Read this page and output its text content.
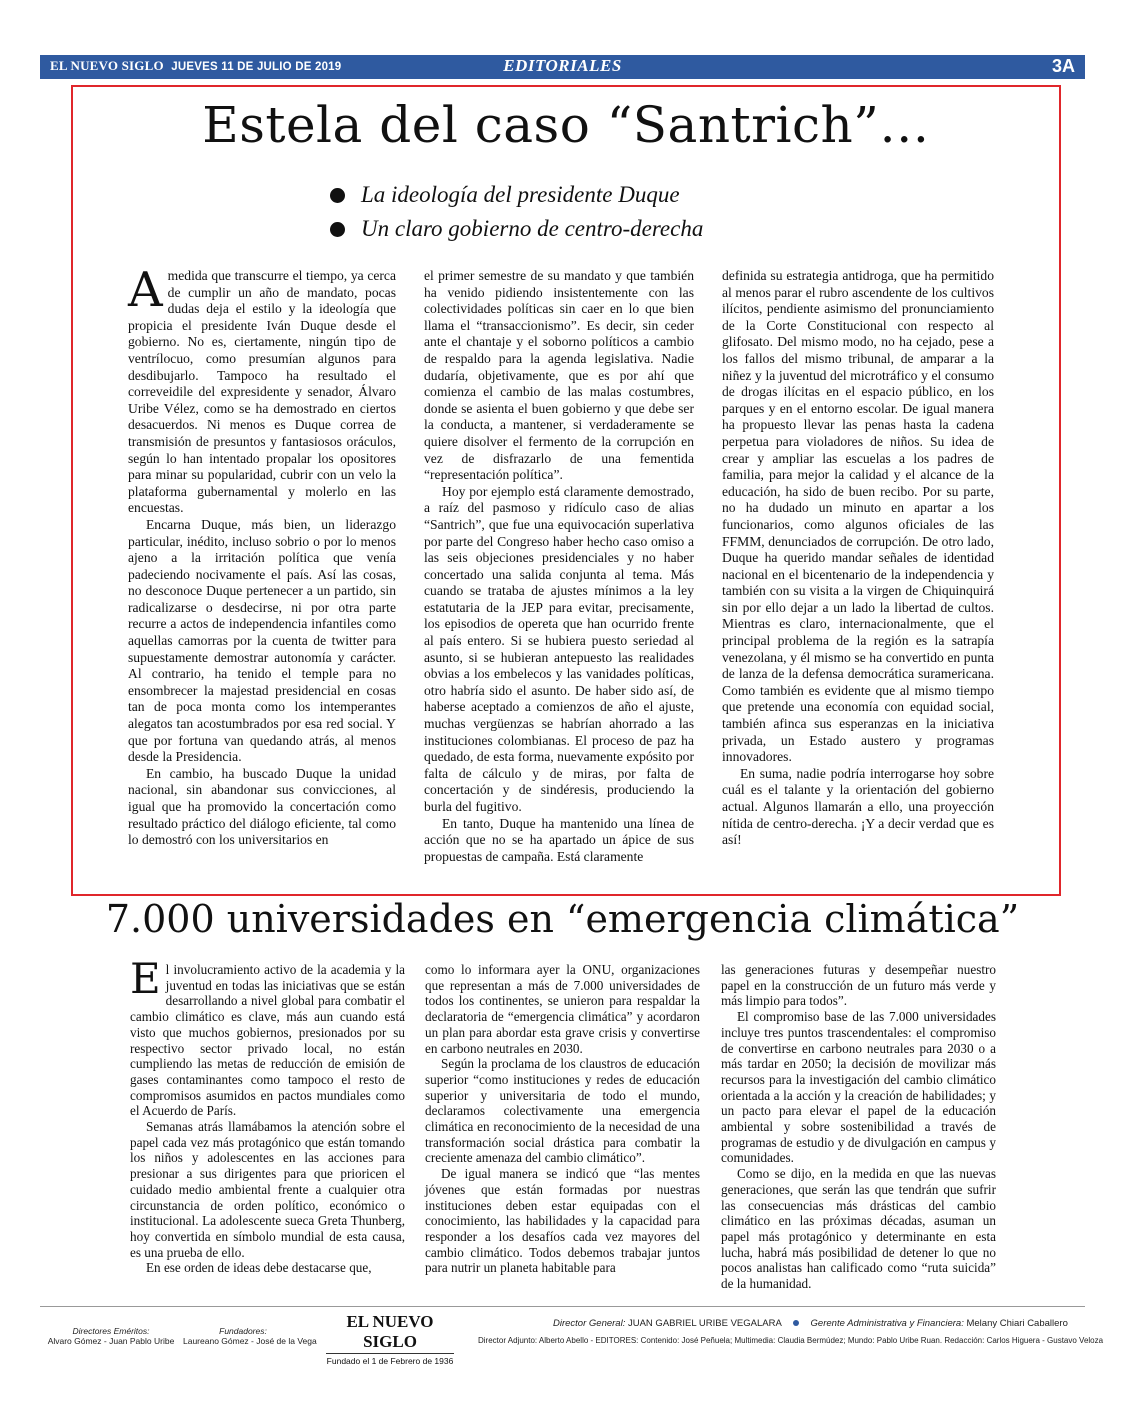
EL NUEVO SIGLO JUEVES 11 DE JULIO DE 2019	EDITORIALES	3A
Estela del caso “Santrich”…
La ideología del presidente Duque
Un claro gobierno de centro-derecha

Amedida que transcurre el tiempo, ya cerca de cumplir un año de mandato, pocas dudas deja el estilo y la ideología que propicia el presidente Iván Duque desde el gobierno. No es, ciertamente, ningún tipo de ventrílocuo, como presumían algunos para desdibujarlo. Tampoco ha resultado el correveidile del expresidente y senador, Álvaro Uribe Vélez, como se ha demostrado en ciertos desacuerdos. Ni menos es Duque correa de transmisión de presuntos y fantasiosos oráculos, según lo han intentado propalar los opositores para minar su popularidad, cubrir con un velo la plataforma gubernamental y molerlo en las encuestas.

Encarna Duque, más bien, un liderazgo particular, inédito, incluso sobrio o por lo menos ajeno a la irritación política que venía padeciendo nocivamente el país. Así las cosas, no desconoce Duque pertenecer a un partido, sin radicalizarse o desdecirse, ni por otra parte recurre a actos de independencia infantiles como aquellas camorras por la cuenta de twitter para supuestamente demostrar autonomía y carácter. Al contrario, ha tenido el temple para no ensombrecer la majestad presidencial en cosas tan de poca monta como los intemperantes alegatos tan acostumbrados por esa red social. Y que por fortuna van quedando atrás, al menos desde la Presidencia.

En cambio, ha buscado Duque la unidad nacional, sin abandonar sus convicciones, al igual que ha promovido la concertación como resultado práctico del diálogo eficiente, tal como lo demostró con los universitarios en

el primer semestre de su mandato y que también ha venido pidiendo insistentemente con las colectividades políticas sin caer en lo que bien llama el “transaccionismo”. Es decir, sin ceder ante el chantaje y el soborno políticos a cambio de respaldo para la agenda legislativa. Nadie dudaría, objetivamente, que es por ahí que comienza el cambio de las malas costumbres, donde se asienta el buen gobierno y que debe ser la conducta, a mantener, si verdaderamente se quiere disolver el fermento de la corrupción en vez de disfrazarlo de una fementida “representación política”.

Hoy por ejemplo está claramente demostrado, a raíz del pasmoso y ridículo caso de alias “Santrich”, que fue una equivocación superlativa por parte del Congreso haber hecho caso omiso a las seis objeciones presidenciales y no haber concertado una salida conjunta al tema. Más cuando se trataba de ajustes mínimos a la ley estatutaria de la JEP para evitar, precisamente, los episodios de opereta que han ocurrido frente al país entero. Si se hubiera puesto seriedad al asunto, si se hubieran antepuesto las realidades obvias a los embelecos y las vanidades políticas, otro habría sido el asunto. De haber sido así, de haberse aceptado a comienzos de año el ajuste, muchas vergüenzas se habrían ahorrado a las instituciones colombianas. El proceso de paz ha quedado, de esta forma, nuevamente expósito por falta de cálculo y de miras, por falta de concertación y de sindéresis, produciendo la burla del fugitivo.

En tanto, Duque ha mantenido una línea de acción que no se ha apartado un ápice de sus propuestas de campaña. Está claramente

definida su estrategia antidroga, que ha permitido al menos parar el rubro ascendente de los cultivos ilícitos, pendiente asimismo del pronunciamiento de la Corte Constitucional con respecto al glifosato. Del mismo modo, no ha cejado, pese a los fallos del mismo tribunal, de amparar a la niñez y la juventud del microtráfico y el consumo de drogas ilícitas en el espacio público, en los parques y en el entorno escolar. De igual manera ha propuesto llevar las penas hasta la cadena perpetua para violadores de niños. Su idea de crear y ampliar las escuelas a los padres de familia, para mejor la calidad y el alcance de la educación, ha sido de buen recibo. Por su parte, no ha dudado un minuto en apartar a los funcionarios, como algunos oficiales de las FFMM, denunciados de corrupción. De otro lado, Duque ha querido mandar señales de identidad nacional en el bicentenario de la independencia y también con su visita a la virgen de Chiquinquirá sin por ello dejar a un lado la libertad de cultos. Mientras es claro, internacionalmente, que el principal problema de la región es la satrapía venezolana, y él mismo se ha convertido en punta de lanza de la defensa democrática suramericana. Como también es evidente que al mismo tiempo que pretende una economía con equidad social, también afinca sus esperanzas en la iniciativa privada, un Estado austero y programas innovadores.

En suma, nadie podría interrogarse hoy sobre cuál es el talante y la orientación del gobierno actual. Algunos llamarán a ello, una proyección nítida de centro-derecha. ¡Y a decir verdad que es así!

7.000 universidades en “emergencia climática”

El involucramiento activo de la academia y la juventud en todas las iniciativas que se están desarrollando a nivel global para combatir el cambio climático es clave, más aun cuando está visto que muchos gobiernos, presionados por su respectivo sector privado local, no están cumpliendo las metas de reducción de emisión de gases contaminantes como tampoco el resto de compromisos asumidos en pactos mundiales como el Acuerdo de París.

Semanas atrás llamábamos la atención sobre el papel cada vez más protagónico que están tomando los niños y adolescentes en las acciones para presionar a sus dirigentes para que prioricen el cuidado medio ambiental frente a cualquier otra circunstancia de orden político, económico o institucional. La adolescente sueca Greta Thunberg, hoy convertida en símbolo mundial de esta causa, es una prueba de ello.

En ese orden de ideas debe destacarse que,

como lo informara ayer la ONU, organizaciones que representan a más de 7.000 universidades de todos los continentes, se unieron para respaldar la declaratoria de “emergencia climática” y acordaron un plan para abordar esta grave crisis y convertirse en carbono neutrales en 2030.

Según la proclama de los claustros de educación superior “como instituciones y redes de educación superior y universitaria de todo el mundo, declaramos colectivamente una emergencia climática en reconocimiento de la necesidad de una transformación social drástica para combatir la creciente amenaza del cambio climático”.

De igual manera se indicó que “las mentes jóvenes que están formadas por nuestras instituciones deben estar equipadas con el conocimiento, las habilidades y la capacidad para responder a los desafíos cada vez mayores del cambio climático. Todos debemos trabajar juntos para nutrir un planeta habitable para

las generaciones futuras y desempeñar nuestro papel en la construcción de un futuro más verde y más limpio para todos”.

El compromiso base de las 7.000 universidades incluye tres puntos trascendentales: el compromiso de convertirse en carbono neutrales para 2030 o a más tardar en 2050; la decisión de movilizar más recursos para la investigación del cambio climático orientada a la acción y la creación de habilidades; y un pacto para elevar el papel de la educación ambiental y sobre sostenibilidad a través de programas de estudio y de divulgación en campus y comunidades.

Como se dijo, en la medida en que las nuevas generaciones, que serán las que tendrán que sufrir las consecuencias más drásticas del cambio climático en las próximas décadas, asuman un papel más protagónico y determinante en esta lucha, habrá más posibilidad de detener lo que no pocos analistas han calificado como “ruta suicida” de la humanidad.

Directores Eméritos:
Alvaro Gómez - Juan Pablo Uribe
Fundadores:
Laureano Gómez - José de la Vega
EL NUEVO SIGLO
Fundado el 1 de Febrero de 1936
Director General: JUAN GABRIEL URIBE VEGALARA	Gerente Administrativa y Financiera: Melany Chiari Caballero
Director Adjunto: Alberto Abello - EDITORES: Contenido: José Peñuela; Multimedia: Claudia Bermúdez; Mundo: Pablo Uribe Ruan. Redacción: Carlos Higuera - Gustavo Veloza
